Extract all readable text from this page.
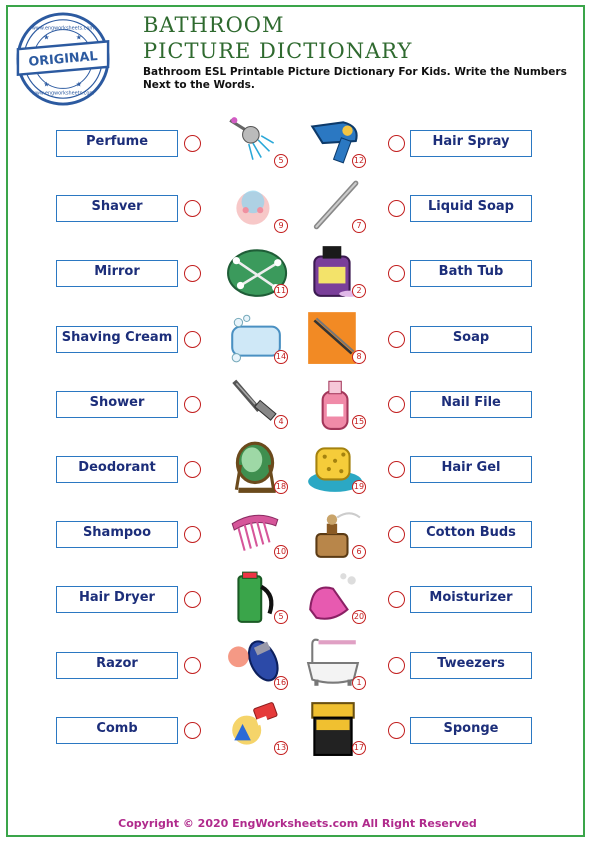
ORIGINAL
www.engworksheets.com
www.engworksheets.com
★	★
★	★
BATHROOM
PICTURE DICTIONARY
Bathroom ESL Printable Picture Dictionary For Kids. Write the Numbers Next to the Words.
Perfume	Hair Spray
5	12
Shaver	Liquid Soap
9	7
Mirror	Bath Tub
11	2
Shaving Cream	Soap
14	8
Shower	Nail File
4	15
Deodorant	Hair Gel
18	19
Shampoo	Cotton Buds
10	6
Hair Dryer	Moisturizer
5	20
Razor	Tweezers
16	1
Comb	Sponge
13	17
Copyright © 2020 EngWorksheets.com All Right Reserved
